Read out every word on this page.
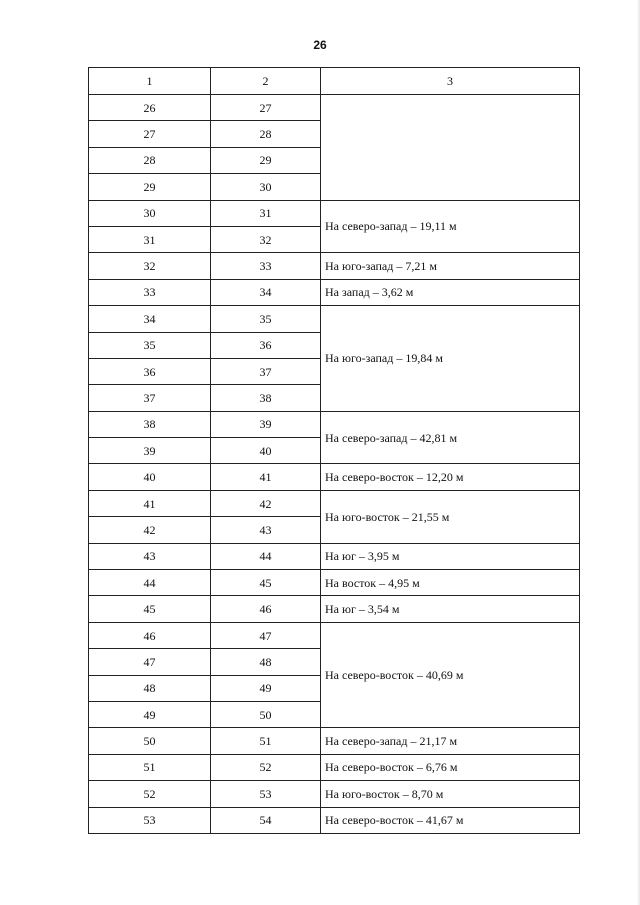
26
1	2	3
26	27	
27	28	
28	29	
29	30	
30	31	На северо-запад – 19,11 м
31	32	
32	33	На юго-запад – 7,21 м
33	34	На запад – 3,62 м
34	35	На юго-запад – 19,84 м
35	36	
36	37	
37	38	
38	39	На северо-запад – 42,81 м
39	40	
40	41	На северо-восток – 12,20 м
41	42	На юго-восток – 21,55 м
42	43	
43	44	На юг – 3,95 м
44	45	На восток – 4,95 м
45	46	На юг – 3,54 м
46	47	На северо-восток – 40,69 м
47	48	
48	49	
49	50	
50	51	На северо-запад – 21,17 м
51	52	На северо-восток – 6,76 м
52	53	На юго-восток – 8,70 м
53	54	На северо-восток – 41,67 м
